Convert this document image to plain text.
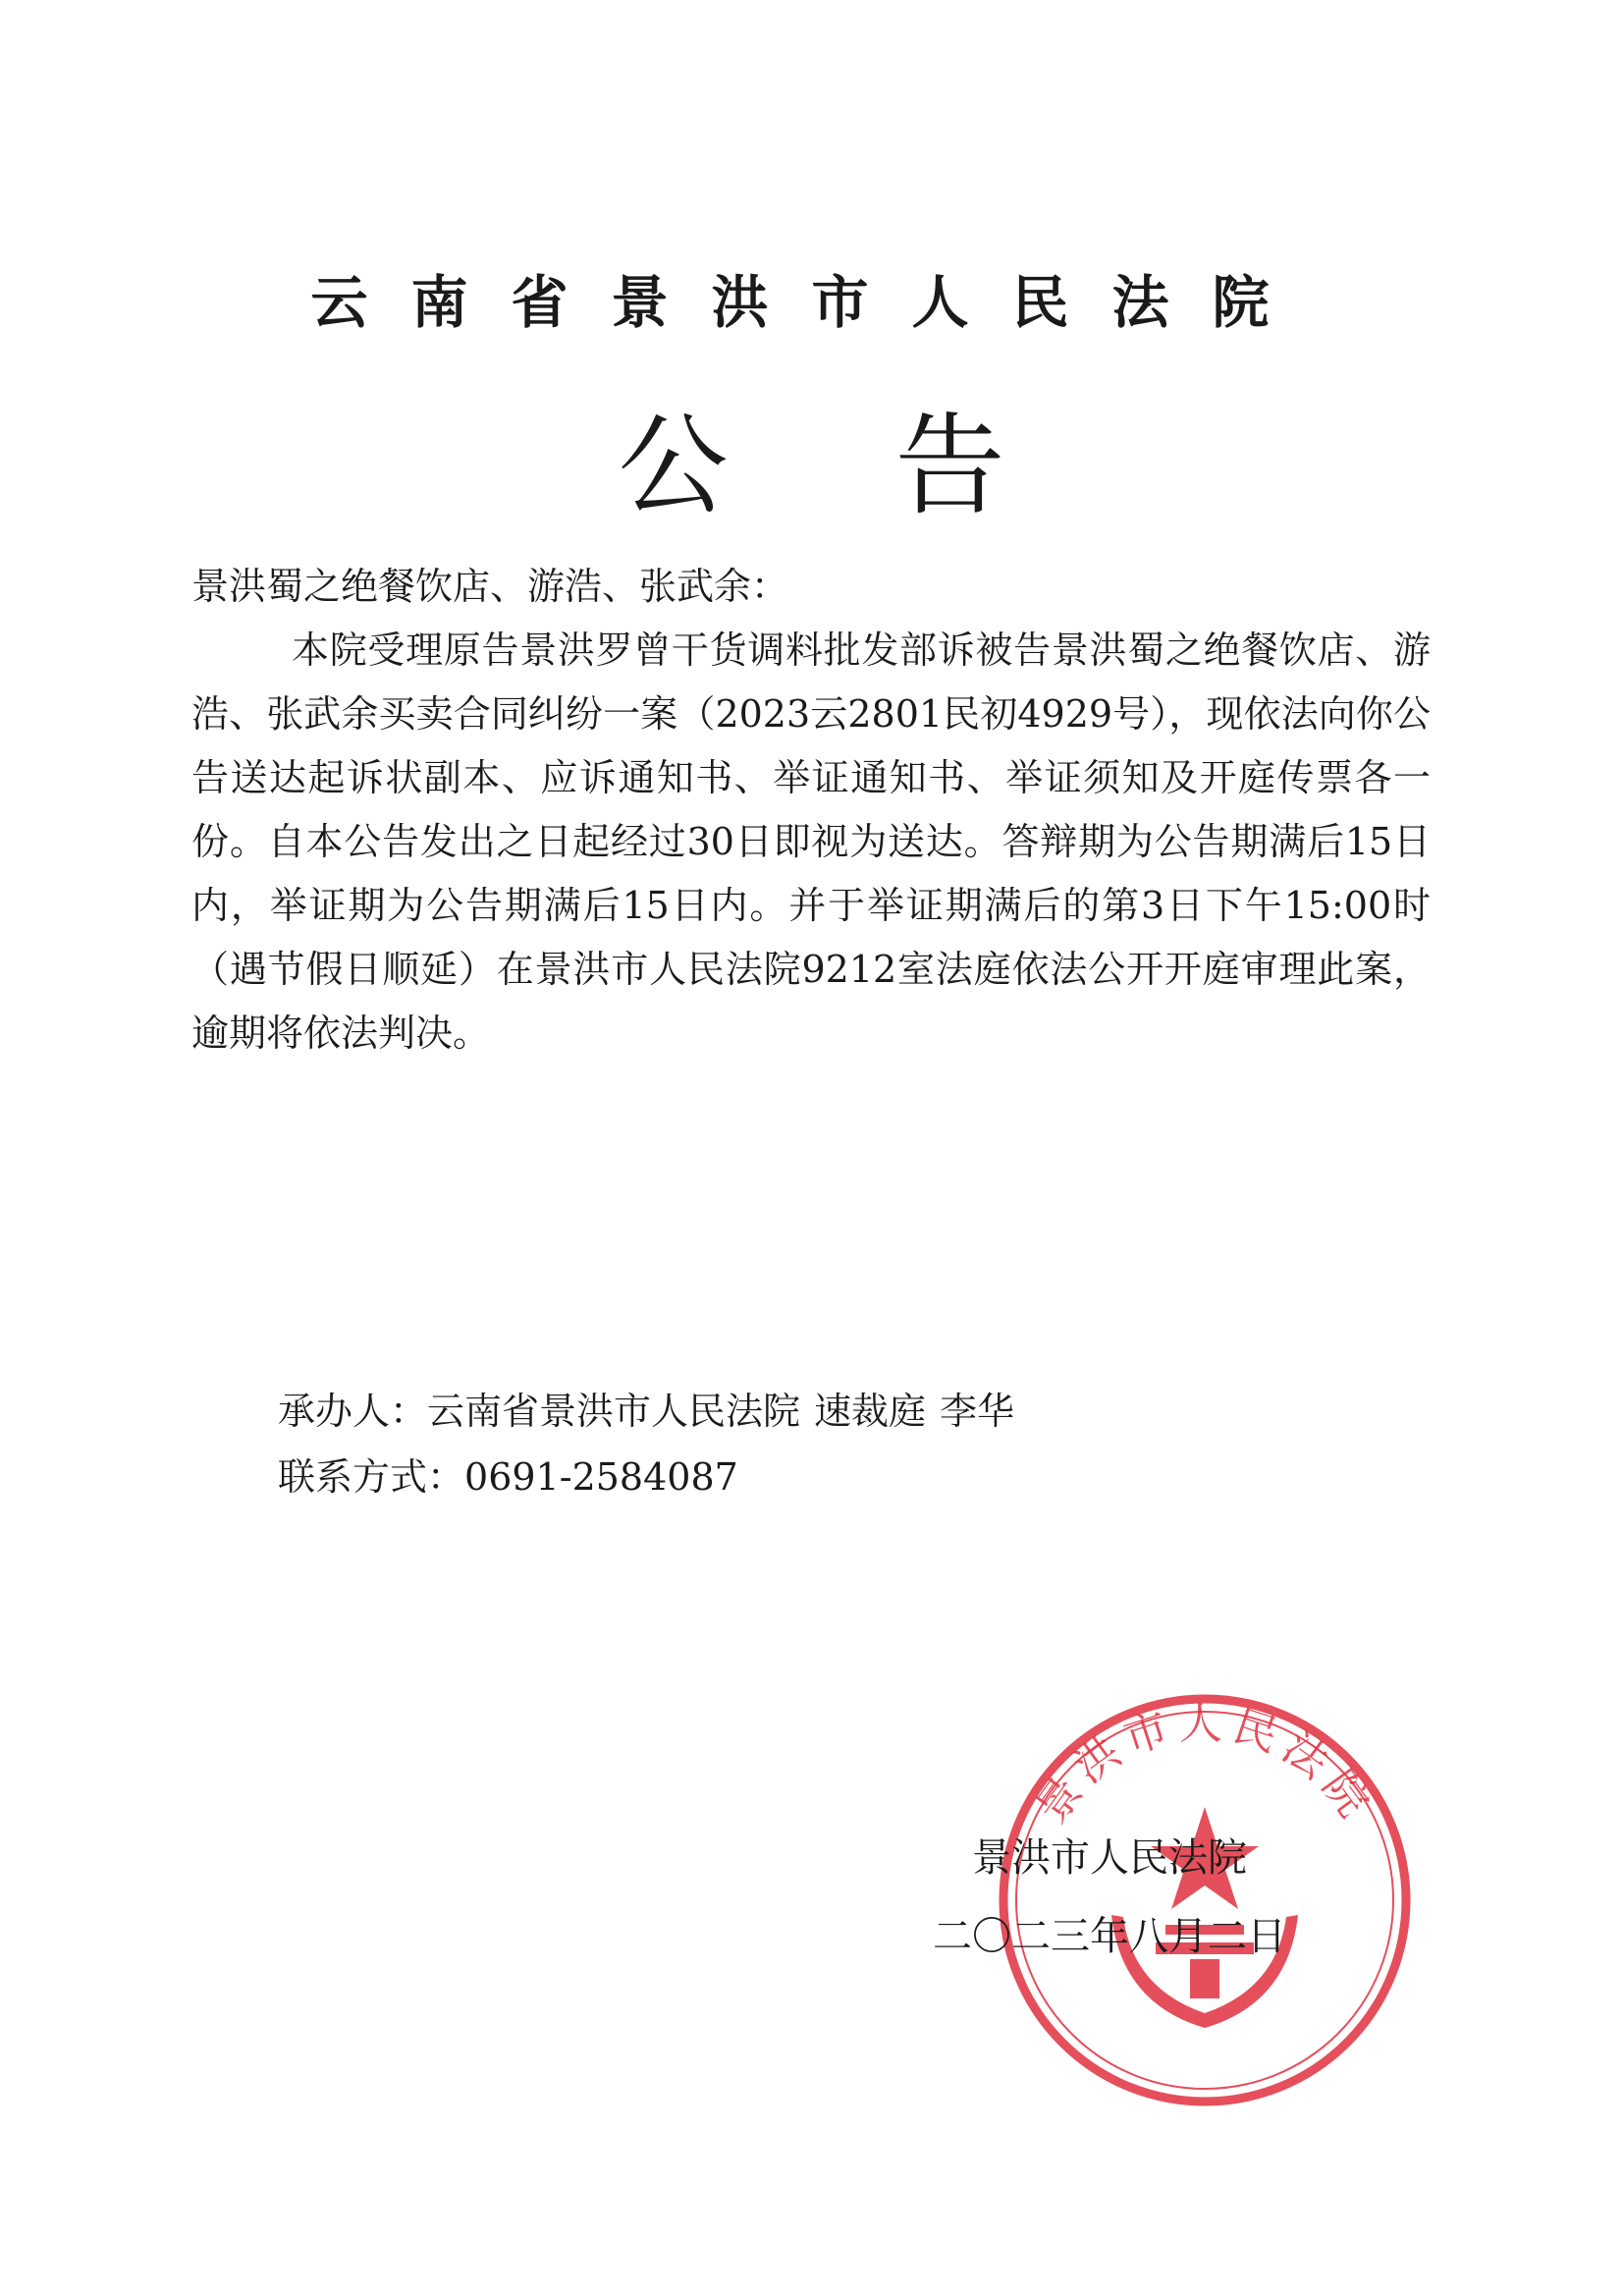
云南省景洪市人民法院
公告
景洪蜀之绝餐饮店、游浩、张武余：
本院受理原告景洪罗曾干货调料批发部诉被告景洪蜀之绝餐饮店、游浩、张武余买卖合同纠纷一案（2023云2801民初4929号），现依法向你公告送达起诉状副本、应诉通知书、举证通知书、举证须知及开庭传票各一份。自本公告发出之日起经过30日即视为送达。答辩期为公告期满后15日内，举证期为公告期满后15日内。并于举证期满后的第3日下午15:00时（遇节假日顺延）在景洪市人民法院9212室法庭依法公开开庭审理此案，逾期将依法判决。
承办人：云南省景洪市人民法院 速裁庭 李华
联系方式：0691-2584087
景洪市人民法院
景洪市人民法院
二〇二三年八月二日
